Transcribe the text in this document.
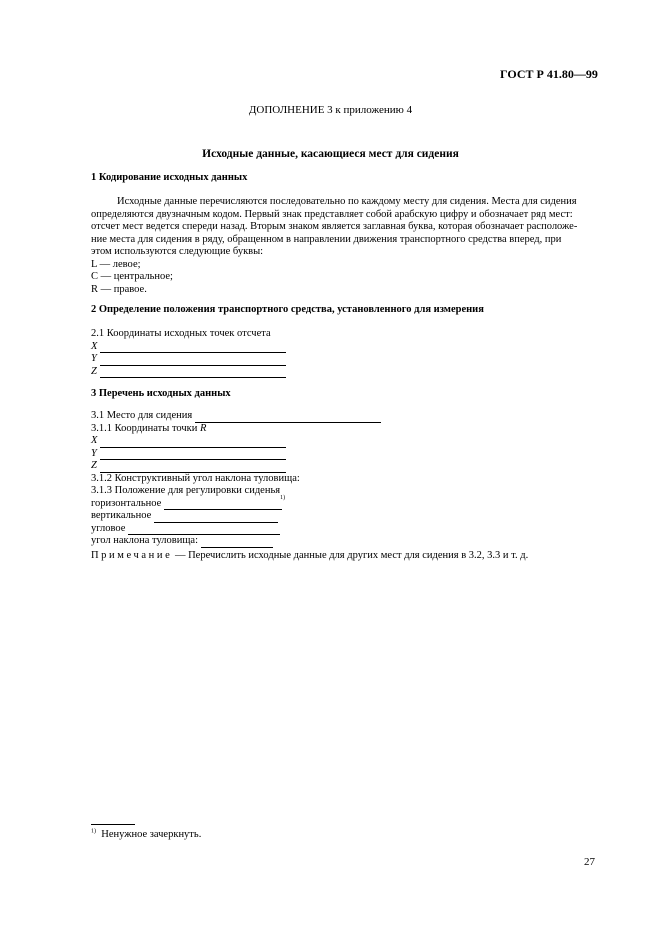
ГОСТ Р 41.80—99
ДОПОЛНЕНИЕ 3 к приложению 4
Исходные данные, касающиеся мест для сидения
1 Кодирование исходных данных
Исходные данные перечисляются последовательно по каждому месту для сидения. Места для сидения
определяются двузначным кодом. Первый знак представляет собой арабскую цифру и обозначает ряд мест:
отсчет мест ведется спереди назад. Вторым знаком является заглавная буква, которая обозначает расположе-
ние места для сидения в ряду, обращенном в направлении движения транспортного средства вперед, при
этом используются следующие буквы:
L — левое;
С — центральное;
R — правое.
2 Определение положения транспортного средства, установленного для измерения
2.1 Координаты исходных точек отсчета
X
Y
Z
3 Перечень исходных данных
3.1 Место для сидения
3.1.1 Координаты точки
R
X
Y
Z
3.1.2 Конструктивный угол наклона туловища:
3.1.3 Положение для регулировки сиденья
1)
горизонтальное
вертикальное
угловое
угол наклона туловища:
Примечание — Перечислить исходные данные для других мест для сидения в 3.2, 3.3 и т. д.
$^{1)}$ Ненужное зачеркнуть.
27
